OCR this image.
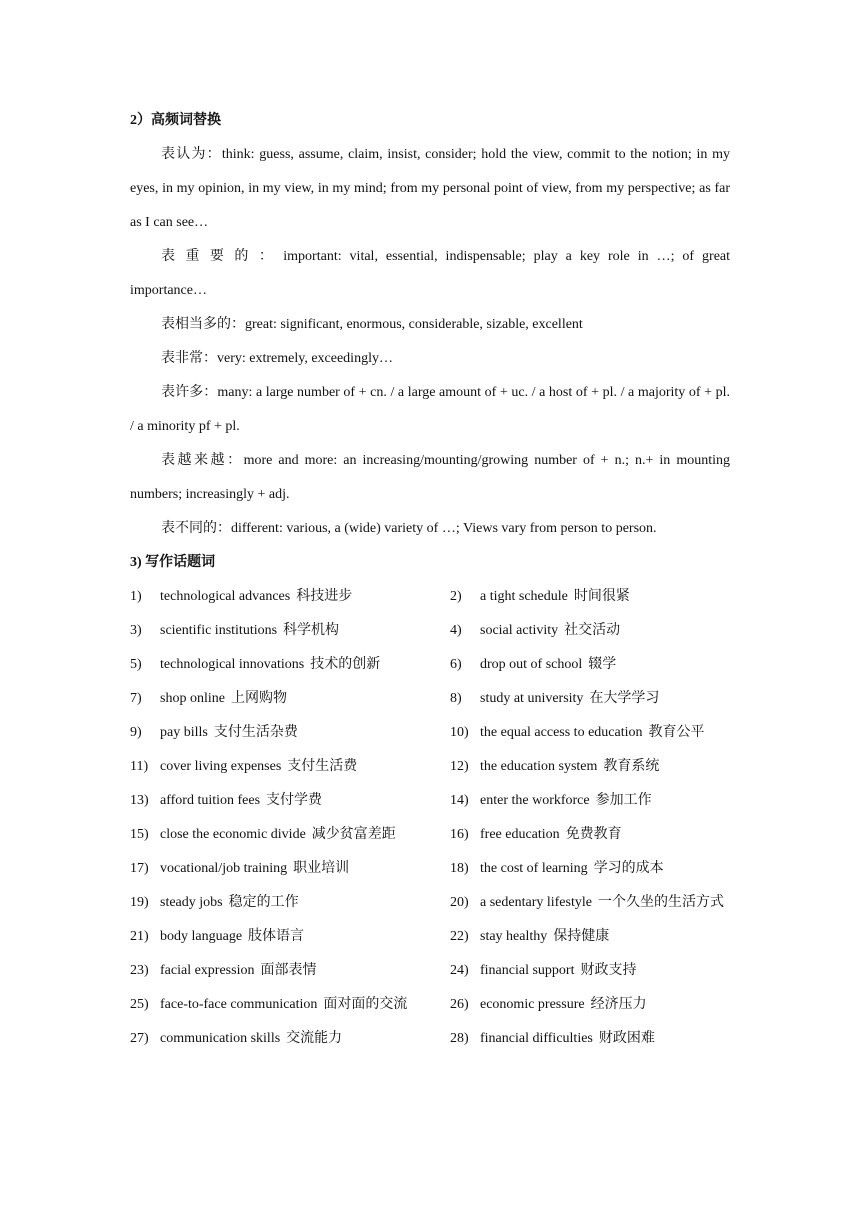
2）高频词替换
表认为：think: guess, assume, claim, insist, consider; hold the view, commit to the notion; in my eyes, in my opinion, in my view, in my mind; from my personal point of view, from my perspective; as far as I can see…
表重要的：important: vital, essential, indispensable; play a key role in …; of great importance…
表相当多的：great: significant, enormous, considerable, sizable, excellent
表非常：very: extremely, exceedingly…
表许多：many: a large number of + cn. / a large amount of + uc. / a host of + pl. / a majority of + pl. / a minority pf + pl.
表越来越：more and more: an increasing/mounting/growing number of + n.; n.+ in mounting numbers; increasingly + adj.
表不同的：different: various, a (wide) variety of …; Views vary from person to person.
3) 写作话题词
1)	technological advances 科技进步	2)	a tight schedule 时间很紧
3)	scientific institutions 科学机构	4)	social activity 社交活动
5)	technological innovations 技术的创新	6)	drop out of school 辍学
7)	shop online 上网购物	8)	study at university 在大学学习
9)	pay bills 支付生活杂费	10) the equal access to education 教育公平
11) cover living expenses 支付生活费	12) the education system 教育系统
13) afford tuition fees 支付学费	14) enter the workforce 参加工作
15) close the economic divide 减少贫富差距	16) free education 免费教育
17) vocational/job training 职业培训	18) the cost of learning 学习的成本
19) steady jobs 稳定的工作	20) a sedentary lifestyle 一个久坐的生活方式
21) body language 肢体语言	22) stay healthy 保持健康
23) facial expression 面部表情	24) financial support 财政支持
25) face-to-face communication 面对面的交流	26) economic pressure 经济压力
27) communication skills 交流能力	28) financial difficulties 财政困难
